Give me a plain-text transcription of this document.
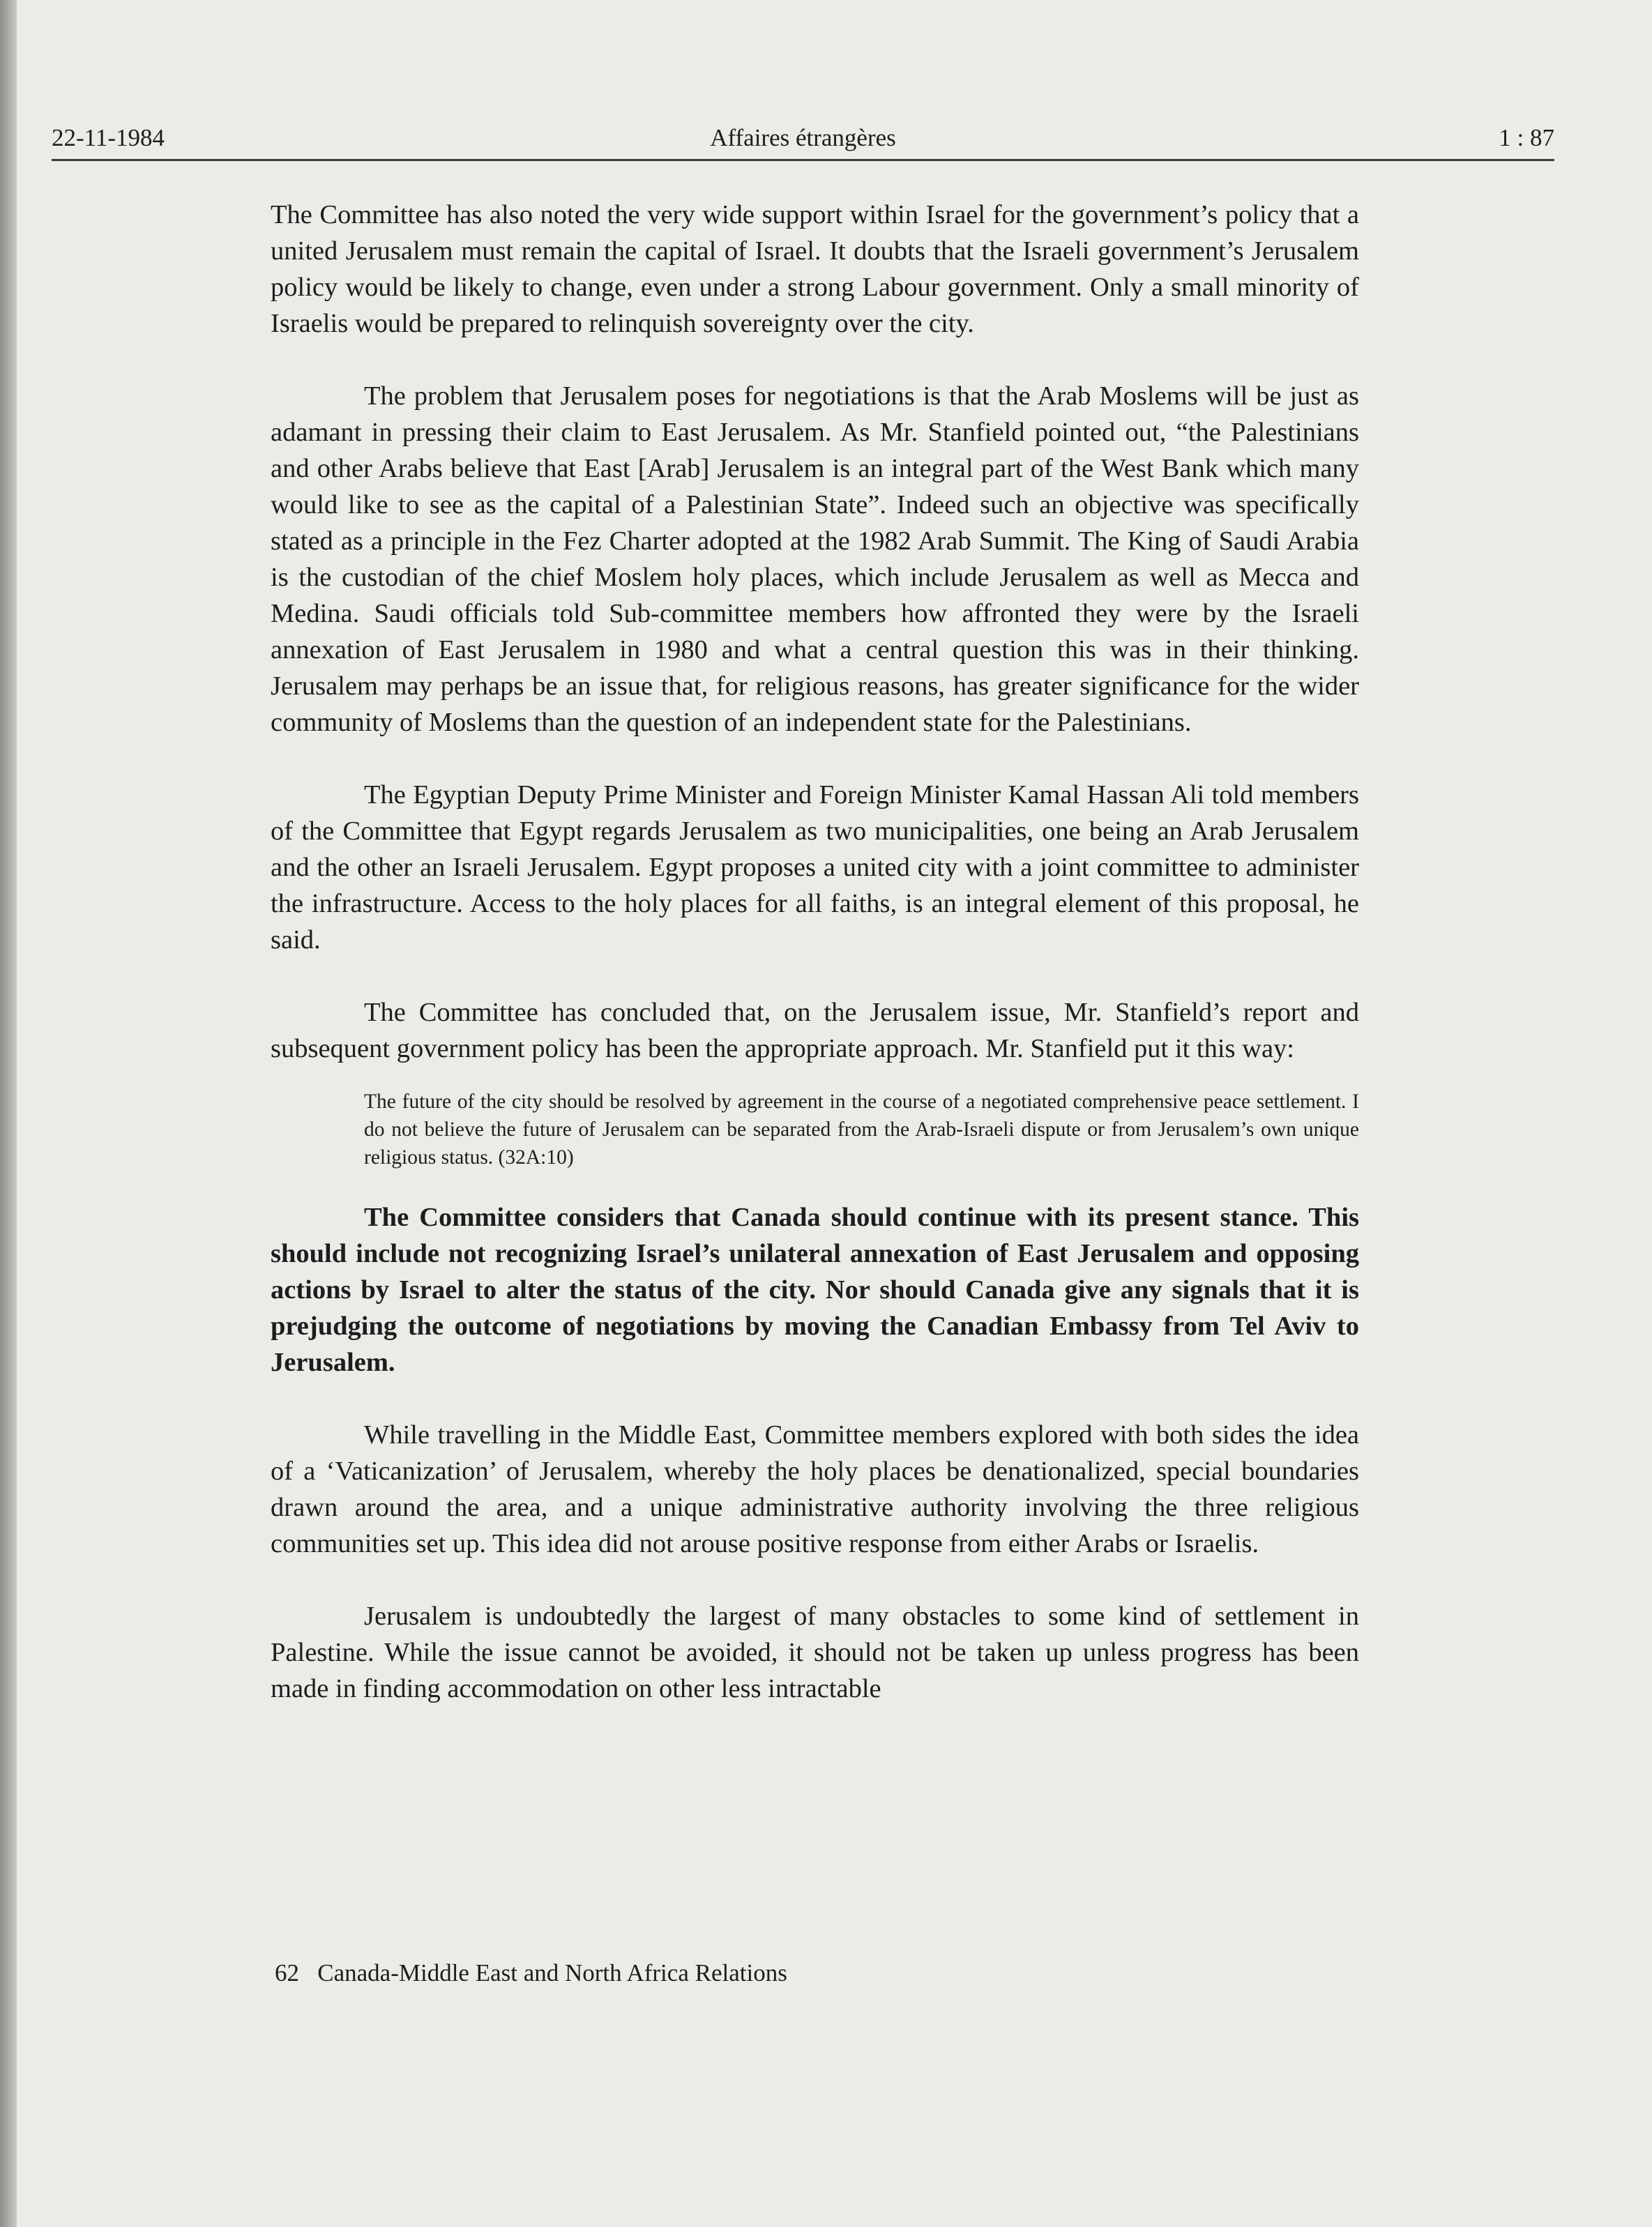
22-11-1984	Affaires étrangères	1 : 87

The Committee has also noted the very wide support within Israel for the government’s policy that a united Jerusalem must remain the capital of Israel. It doubts that the Israeli government’s Jerusalem policy would be likely to change, even under a strong Labour government. Only a small minority of Israelis would be prepared to relinquish sovereignty over the city.

The problem that Jerusalem poses for negotiations is that the Arab Moslems will be just as adamant in pressing their claim to East Jerusalem. As Mr. Stanfield pointed out, “the Palestinians and other Arabs believe that East [Arab] Jerusalem is an integral part of the West Bank which many would like to see as the capital of a Palestinian State”. Indeed such an objective was specifically stated as a principle in the Fez Charter adopted at the 1982 Arab Summit. The King of Saudi Arabia is the custodian of the chief Moslem holy places, which include Jerusalem as well as Mecca and Medina. Saudi officials told Sub-committee members how affronted they were by the Israeli annexation of East Jerusalem in 1980 and what a central question this was in their thinking. Jerusalem may perhaps be an issue that, for religious reasons, has greater significance for the wider community of Moslems than the question of an independent state for the Palestinians.

The Egyptian Deputy Prime Minister and Foreign Minister Kamal Hassan Ali told members of the Committee that Egypt regards Jerusalem as two municipalities, one being an Arab Jerusalem and the other an Israeli Jerusalem. Egypt proposes a united city with a joint committee to administer the infrastructure. Access to the holy places for all faiths, is an integral element of this proposal, he said.

The Committee has concluded that, on the Jerusalem issue, Mr. Stanfield’s report and subsequent government policy has been the appropriate approach. Mr. Stanfield put it this way:

The future of the city should be resolved by agreement in the course of a negotiated comprehensive peace settlement. I do not believe the future of Jerusalem can be separated from the Arab-Israeli dispute or from Jerusalem’s own unique religious status. (32A:10)

The Committee considers that Canada should continue with its present stance. This should include not recognizing Israel’s unilateral annexation of East Jerusalem and opposing actions by Israel to alter the status of the city. Nor should Canada give any signals that it is prejudging the outcome of negotiations by moving the Canadian Embassy from Tel Aviv to Jerusalem.

While travelling in the Middle East, Committee members explored with both sides the idea of a ‘Vaticanization’ of Jerusalem, whereby the holy places be denationalized, special boundaries drawn around the area, and a unique administrative authority involving the three religious communities set up. This idea did not arouse positive response from either Arabs or Israelis.

Jerusalem is undoubtedly the largest of many obstacles to some kind of settlement in Palestine. While the issue cannot be avoided, it should not be taken up unless progress has been made in finding accommodation on other less intractable

62 Canada-Middle East and North Africa Relations
